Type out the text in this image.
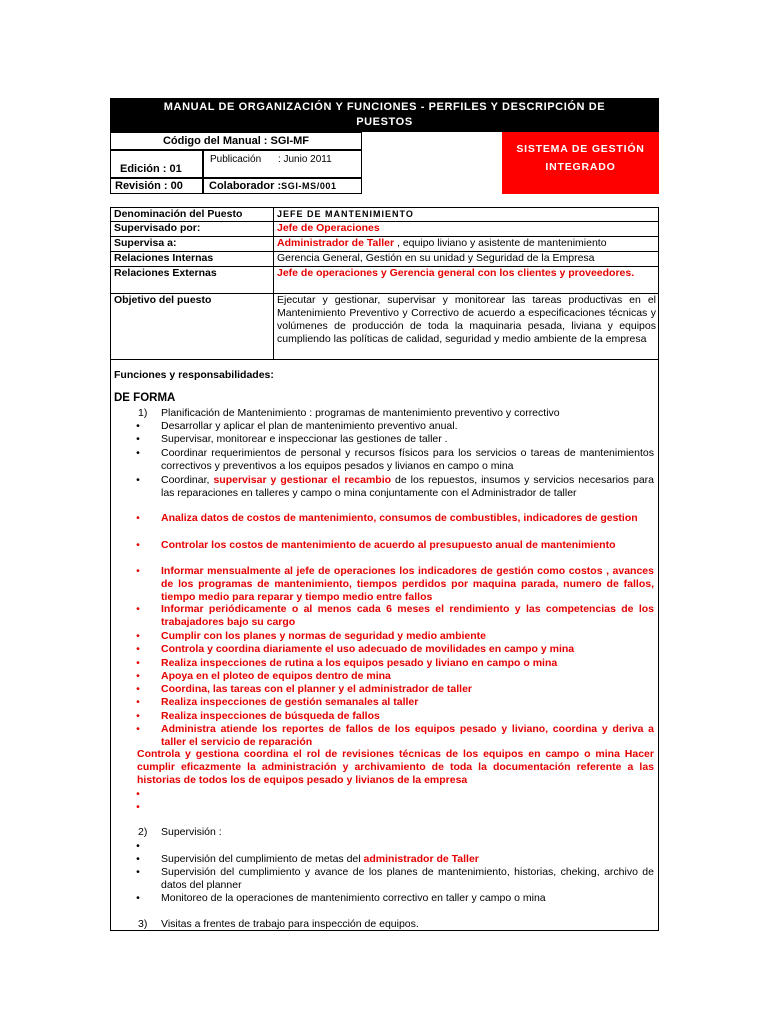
MANUAL DE ORGANIZACIÓN Y FUNCIONES - PERFILES Y DESCRIPCIÓN DE
PUESTOS
Código del Manual : SGI-MF
Edición : 01
Publicación : Junio 2011
Revisión : 00	Colaborador :SGI-MS/001
SISTEMA DE GESTIÓN
INTEGRADO
Denominación del Puesto	JEFE DE MANTENIMIENTO
Supervisado por:	Jefe de Operaciones
Supervisa a:	Administrador de Taller , equipo liviano y asistente de mantenimiento
Relaciones Internas	Gerencia General, Gestión en su unidad y Seguridad de la Empresa
Relaciones Externas	Jefe de operaciones y Gerencia general con los clientes y proveedores.
Objetivo del puesto	Ejecutar y gestionar, supervisar y monitorear las tareas productivas en el Mantenimiento Preventivo y Correctivo de acuerdo a especificaciones técnicas y volúmenes de producción de toda la maquinaria pesada, liviana y equipos cumpliendo las políticas de calidad, seguridad y medio ambiente de la empresa
Funciones y responsabilidades:
DE FORMA
1) Planificación de Mantenimiento : programas de mantenimiento preventivo y correctivo
• Desarrollar y aplicar el plan de mantenimiento preventivo anual.
• Supervisar, monitorear e inspeccionar las gestiones de taller .
• Coordinar requerimientos de personal y recursos físicos para los servicios o tareas de mantenimientos correctivos y preventivos a los equipos pesados y livianos en campo o mina
• Coordinar, supervisar y gestionar el recambio de los repuestos, insumos y servicios necesarios para las reparaciones en talleres y campo o mina conjuntamente con el Administrador de taller
• Analiza datos de costos de mantenimiento, consumos de combustibles, indicadores de gestion
• Controlar los costos de mantenimiento de acuerdo al presupuesto anual de mantenimiento
• Informar mensualmente al jefe de operaciones los indicadores de gestión como costos , avances de los programas de mantenimiento, tiempos perdidos por maquina parada, numero de fallos, tiempo medio para reparar y tiempo medio entre fallos
• Informar periódicamente o al menos cada 6 meses el rendimiento y las competencias de los trabajadores bajo su cargo
• Cumplir con los planes y normas de seguridad y medio ambiente
• Controla y coordina diariamente el uso adecuado de movilidades en campo y mina
• Realiza inspecciones de rutina a los equipos pesado y liviano en campo o mina
• Apoya en el ploteo de equipos dentro de mina
• Coordina, las tareas con el planner y el administrador de taller
• Realiza inspecciones de gestión semanales al taller
• Realiza inspecciones de búsqueda de fallos
• Administra atiende los reportes de fallos de los equipos pesado y liviano, coordina y deriva a taller el servicio de reparación
Controla y gestiona coordina el rol de revisiones técnicas de los equipos en campo o mina Hacer cumplir eficazmente la administración y archivamiento de toda la documentación referente a las historias de todos los de equipos pesado y livianos de la empresa
•
•
2) Supervisión :
•
• Supervisión del cumplimiento de metas del administrador de Taller
• Supervisión del cumplimiento y avance de los planes de mantenimiento, historias, cheking, archivo de datos del planner
• Monitoreo de la operaciones de mantenimiento correctivo en taller y campo o mina
3) Visitas a frentes de trabajo para inspección de equipos.
